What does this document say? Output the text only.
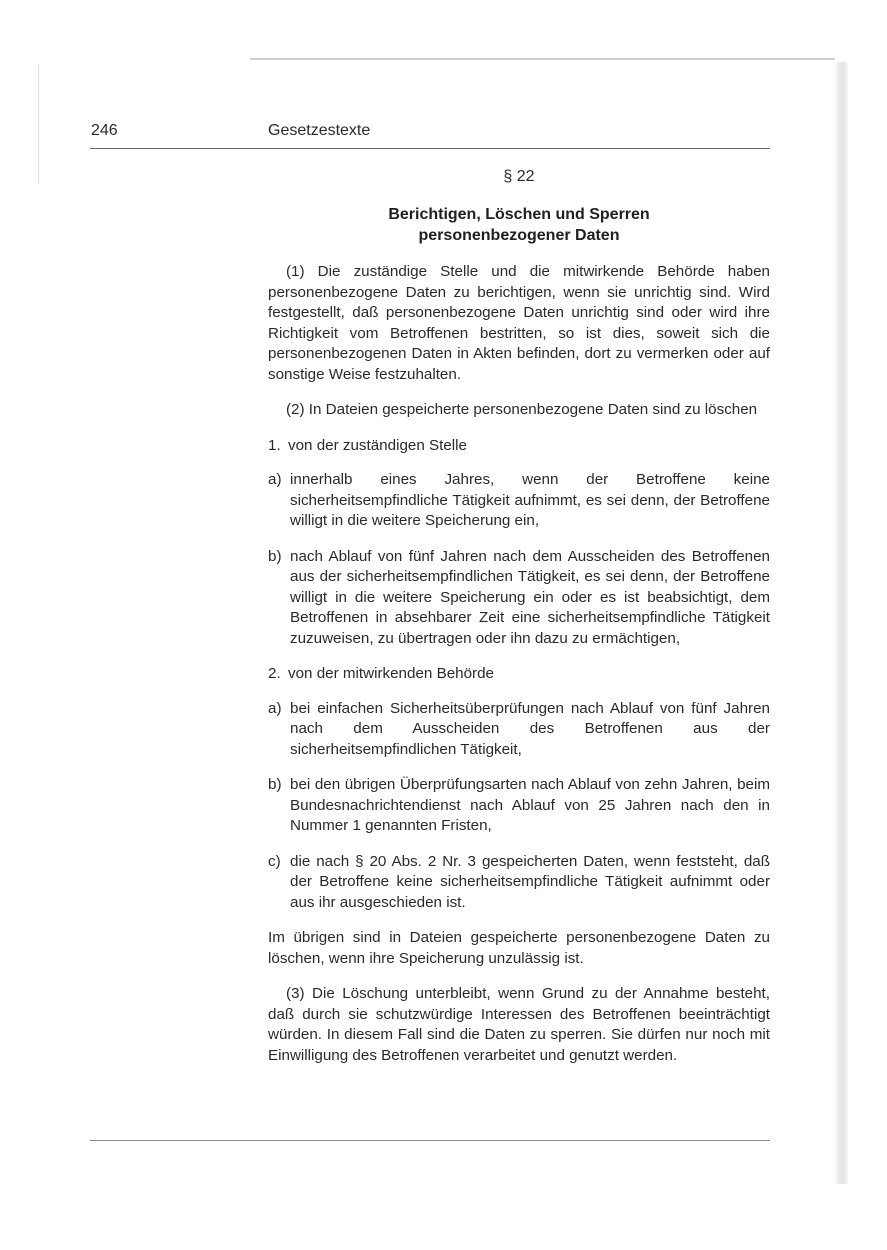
246	Gesetzestexte
§ 22
Berichtigen, Löschen und Sperren
personenbezogener Daten

(1) Die zuständige Stelle und die mitwirkende Behörde haben personenbezogene Daten zu berichtigen, wenn sie unrichtig sind. Wird festgestellt, daß personenbezogene Daten unrichtig sind oder wird ihre Richtigkeit vom Betroffenen bestritten, so ist dies, soweit sich die personenbezogenen Daten in Akten befinden, dort zu vermerken oder auf sonstige Weise festzuhalten.

(2) In Dateien gespeicherte personenbezogene Daten sind zu löschen

1. von der zuständigen Stelle

a) innerhalb eines Jahres, wenn der Betroffene keine sicherheitsempfindliche Tätigkeit aufnimmt, es sei denn, der Betroffene willigt in die weitere Speicherung ein,

b) nach Ablauf von fünf Jahren nach dem Ausscheiden des Betroffenen aus der sicherheitsempfindlichen Tätigkeit, es sei denn, der Betroffene willigt in die weitere Speicherung ein oder es ist beabsichtigt, dem Betroffenen in absehbarer Zeit eine sicherheitsempfindliche Tätigkeit zuzuweisen, zu übertragen oder ihn dazu zu ermächtigen,

2. von der mitwirkenden Behörde

a) bei einfachen Sicherheitsüberprüfungen nach Ablauf von fünf Jahren nach dem Ausscheiden des Betroffenen aus der sicherheitsempfindlichen Tätigkeit,

b) bei den übrigen Überprüfungsarten nach Ablauf von zehn Jahren, beim Bundesnachrichtendienst nach Ablauf von 25 Jahren nach den in Nummer 1 genannten Fristen,

c) die nach § 20 Abs. 2 Nr. 3 gespeicherten Daten, wenn feststeht, daß der Betroffene keine sicherheitsempfindliche Tätigkeit aufnimmt oder aus ihr ausgeschieden ist.

Im übrigen sind in Dateien gespeicherte personenbezogene Daten zu löschen, wenn ihre Speicherung unzulässig ist.

(3) Die Löschung unterbleibt, wenn Grund zu der Annahme besteht, daß durch sie schutzwürdige Interessen des Betroffenen beeinträchtigt würden. In diesem Fall sind die Daten zu sperren. Sie dürfen nur noch mit Einwilligung des Betroffenen verarbeitet und genutzt werden.
